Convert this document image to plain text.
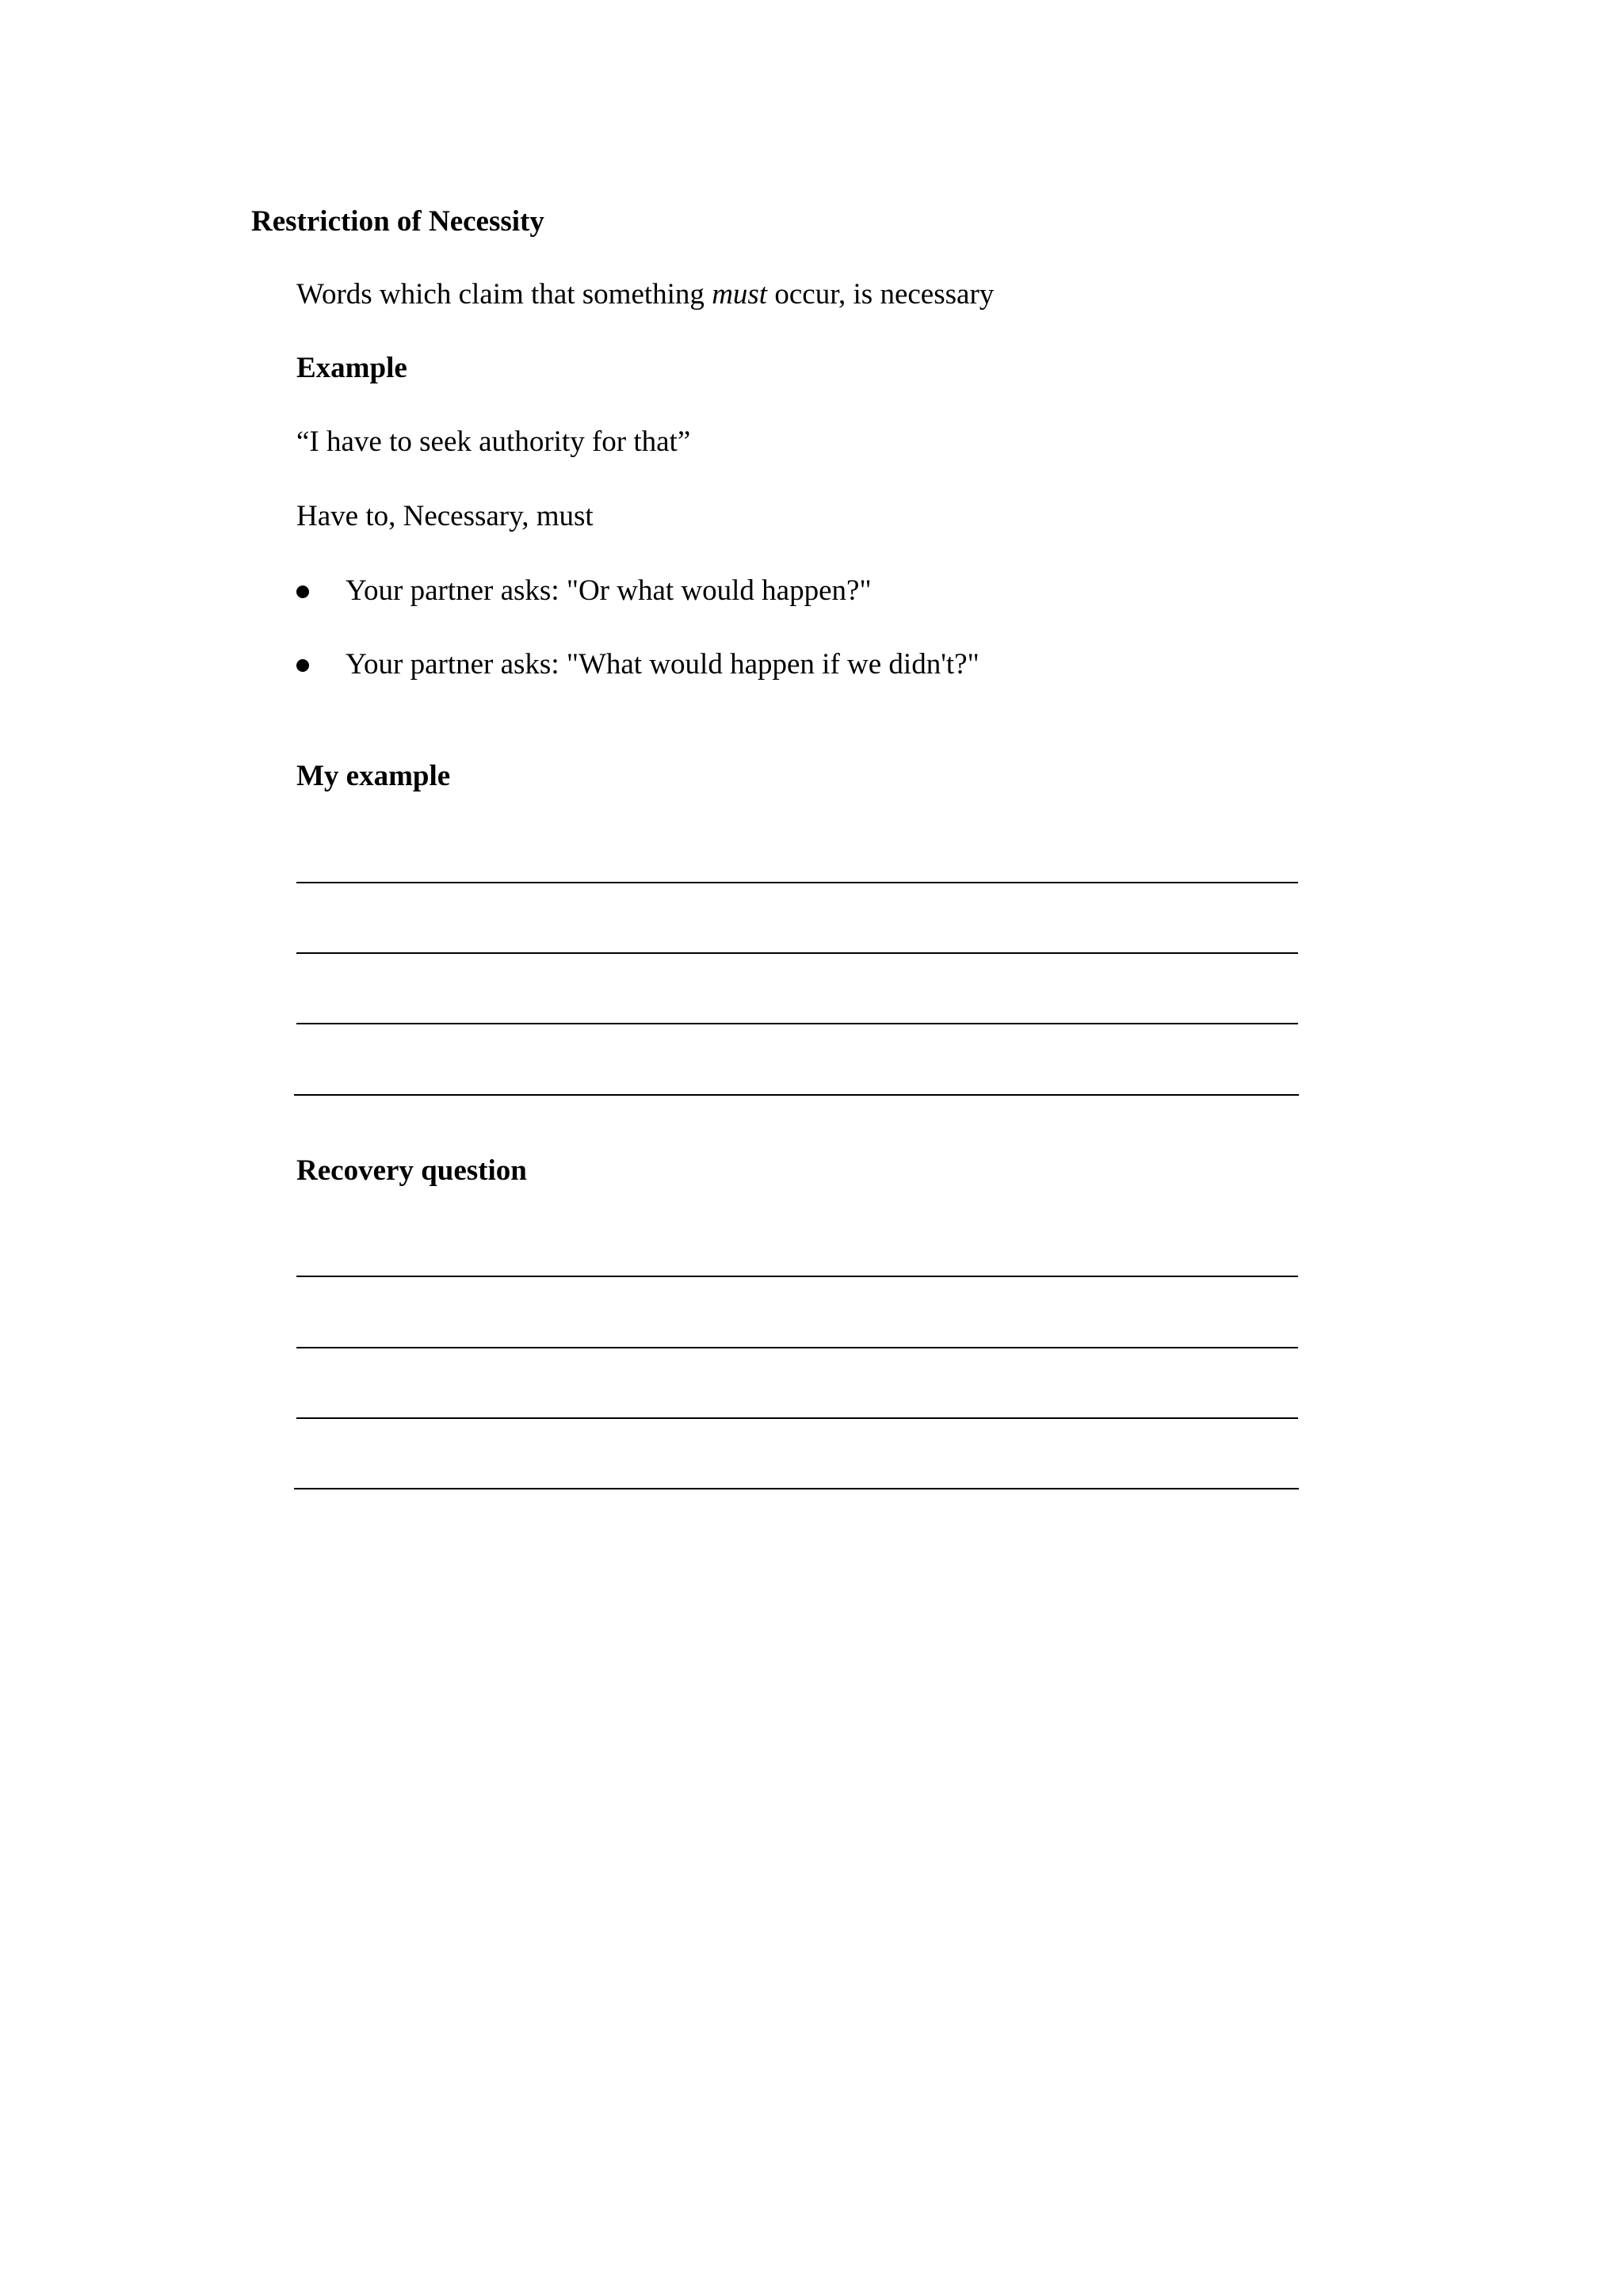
Restriction of Necessity
Words which claim that something must occur, is necessary
Example
“I have to seek authority for that”
Have to, Necessary, must
Your partner asks: "Or what would happen?"
Your partner asks: "What would happen if we didn't?"
My example
Recovery question
